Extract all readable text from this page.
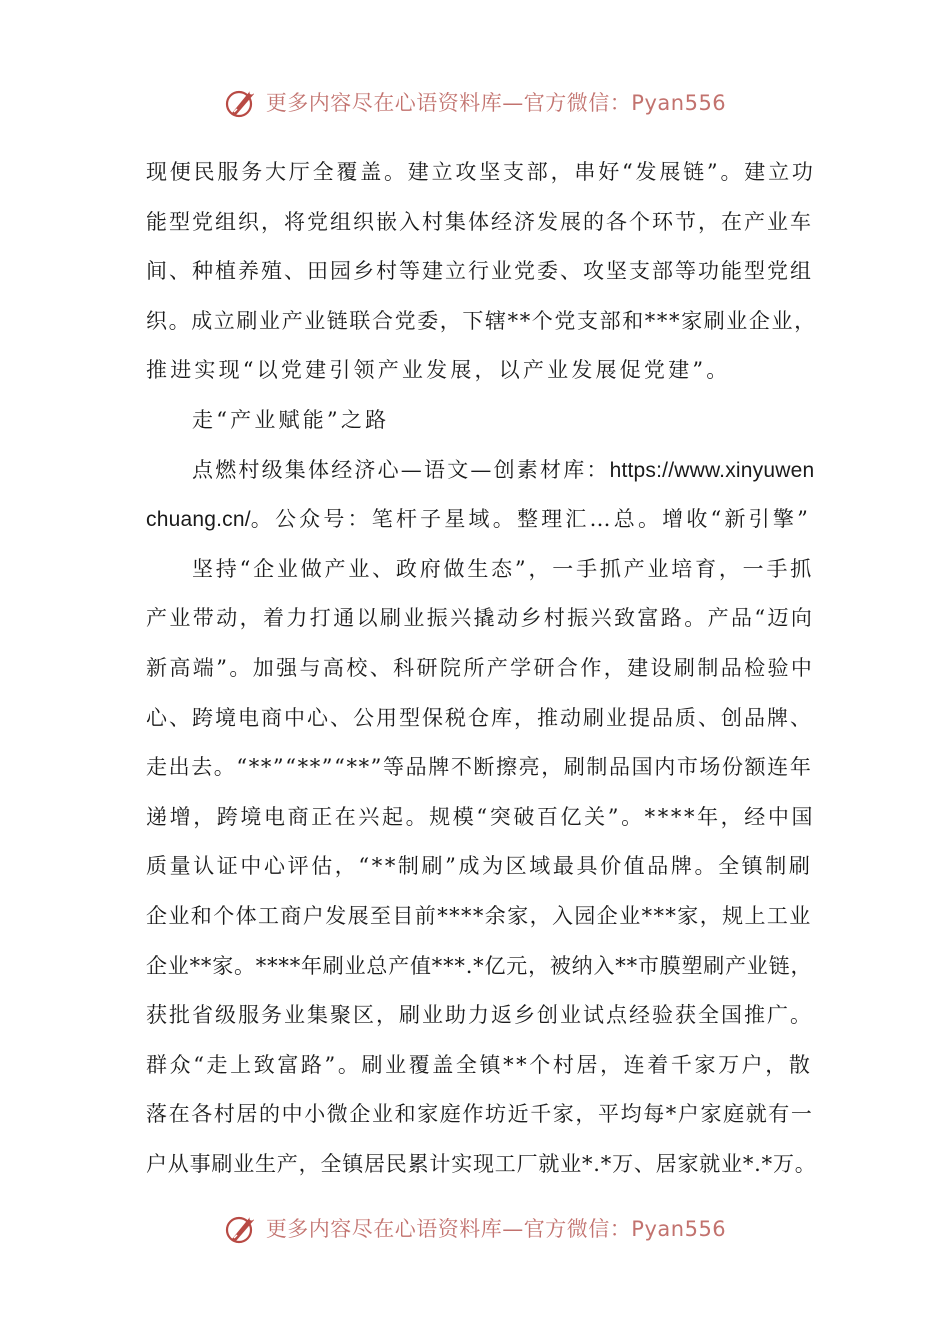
更多内容尽在心语资料库—官方微信：Pyan556
现便民服务大厅全覆盖。建立攻坚支部，串好“发展链”。建立功
能型党组织，将党组织嵌入村集体经济发展的各个环节，在产业车
间、种植养殖、田园乡村等建立行业党委、攻坚支部等功能型党组
织。成立刷业产业链联合党委，下辖**个党支部和***家刷业企业，
推进实现“以党建引领产业发展，以产业发展促党建”。
走“产业赋能”之路
点燃村级集体经济心—语文—创素材库：https://www.xinyuwen
chuang.cn/。公众号：笔杆子星域。整理汇…总。增收“新引擎”
坚持“企业做产业、政府做生态”，一手抓产业培育，一手抓
产业带动，着力打通以刷业振兴撬动乡村振兴致富路。产品“迈向
新高端”。加强与高校、科研院所产学研合作，建设刷制品检验中
心、跨境电商中心、公用型保税仓库，推动刷业提品质、创品牌、
走出去。“**”“**”“**”等品牌不断擦亮，刷制品国内市场份额连年
递增，跨境电商正在兴起。规模“突破百亿关”。****年，经中国
质量认证中心评估，“**制刷”成为区域最具价值品牌。全镇制刷
企业和个体工商户发展至目前****余家，入园企业***家，规上工业
企业**家。****年刷业总产值***.*亿元，被纳入**市膜塑刷产业链，
获批省级服务业集聚区，刷业助力返乡创业试点经验获全国推广。
群众“走上致富路”。刷业覆盖全镇**个村居，连着千家万户，散
落在各村居的中小微企业和家庭作坊近千家，平均每*户家庭就有一
户从事刷业生产，全镇居民累计实现工厂就业*.*万、居家就业*.*万。
更多内容尽在心语资料库—官方微信：Pyan556
